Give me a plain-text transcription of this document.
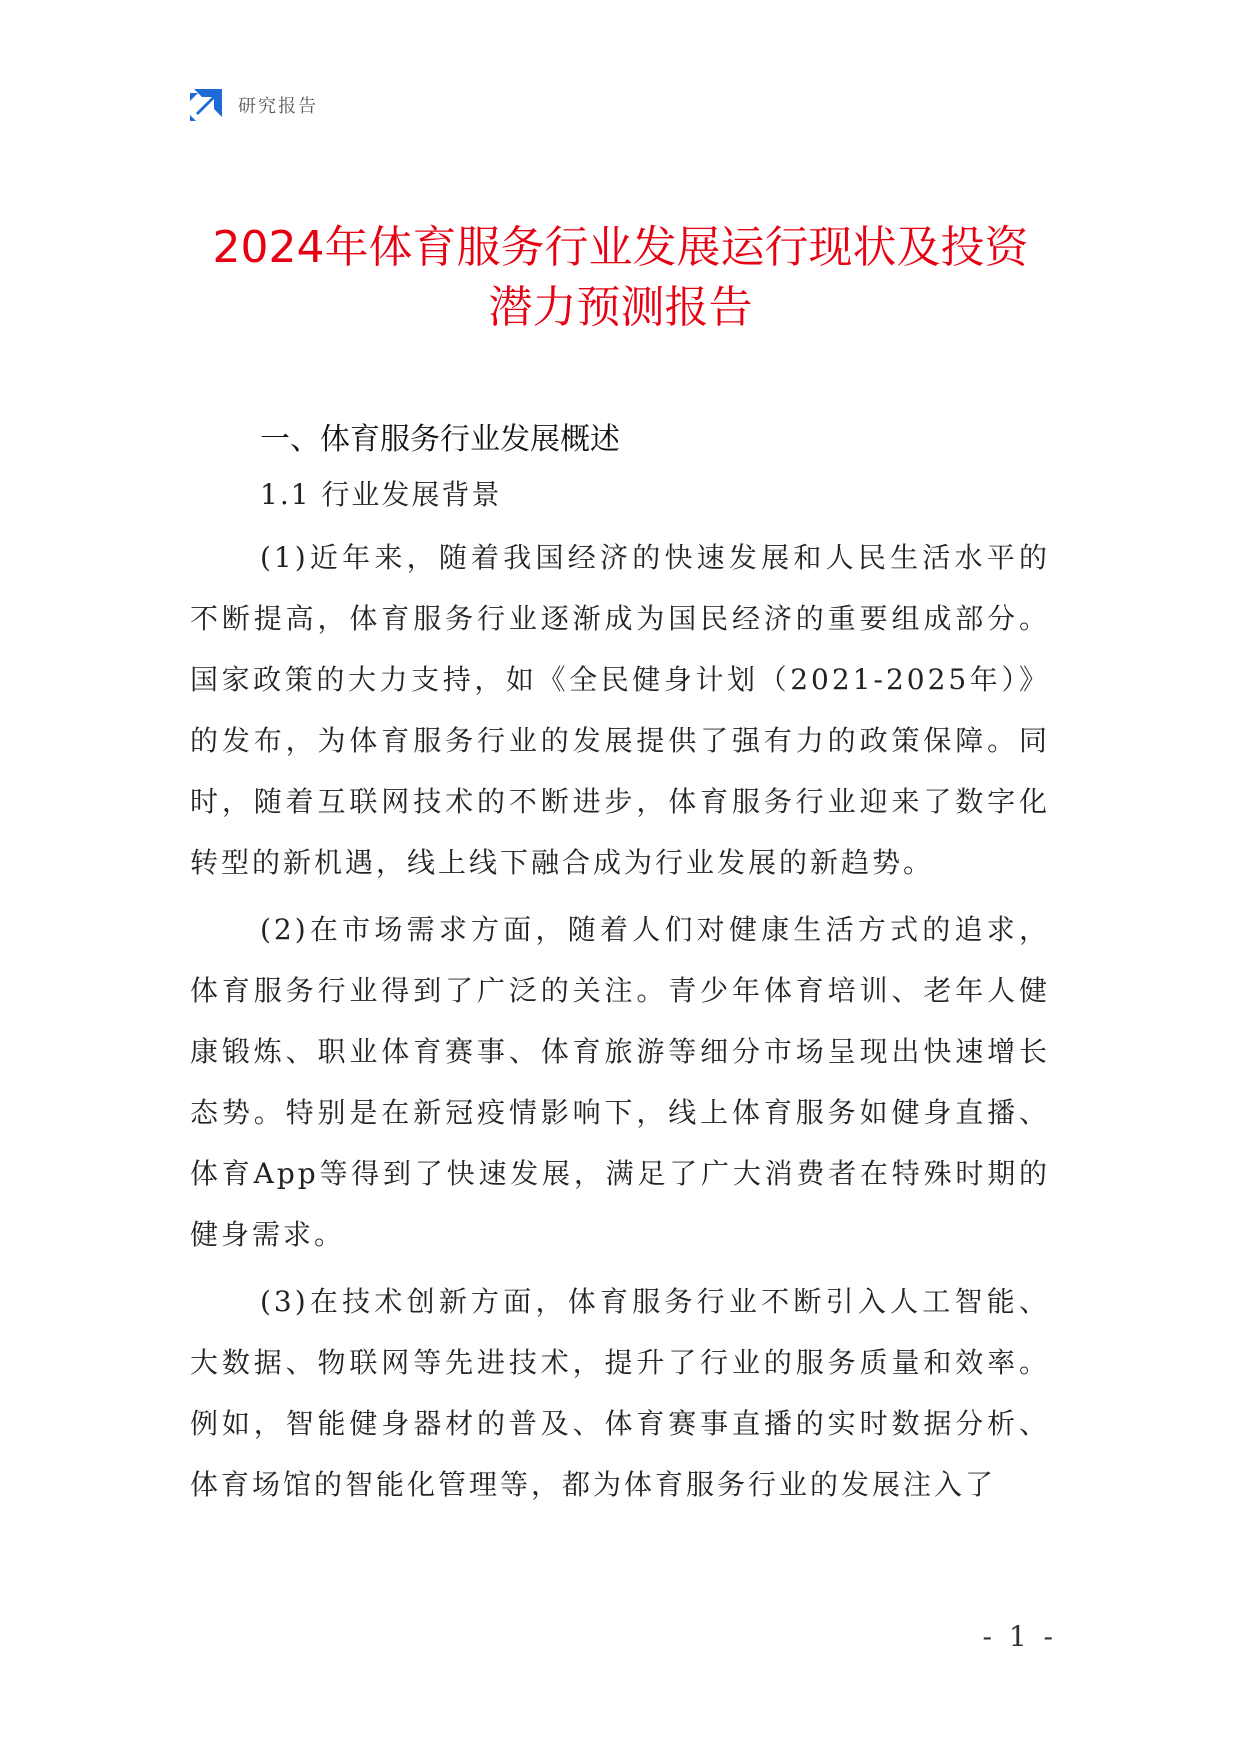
研究报告
2024年体育服务行业发展运行现状及投资
潜力预测报告
一、体育服务行业发展概述
1.1 行业发展背景

(1)近年来，随着我国经济的快速发展和人民生活水平的不断提高，体育服务行业逐渐成为国民经济的重要组成部分。国家政策的大力支持，如《全民健身计划（2021-2025年）》的发布，为体育服务行业的发展提供了强有力的政策保障。同时，随着互联网技术的不断进步，体育服务行业迎来了数字化转型的新机遇，线上线下融合成为行业发展的新趋势。

(2)在市场需求方面，随着人们对健康生活方式的追求，体育服务行业得到了广泛的关注。青少年体育培训、老年人健康锻炼、职业体育赛事、体育旅游等细分市场呈现出快速增长态势。特别是在新冠疫情影响下，线上体育服务如健身直播、体育App等得到了快速发展，满足了广大消费者在特殊时期的健身需求。

(3)在技术创新方面，体育服务行业不断引入人工智能、大数据、物联网等先进技术，提升了行业的服务质量和效率。例如，智能健身器材的普及、体育赛事直播的实时数据分析、体育场馆的智能化管理等，都为体育服务行业的发展注入了

- 1 -
